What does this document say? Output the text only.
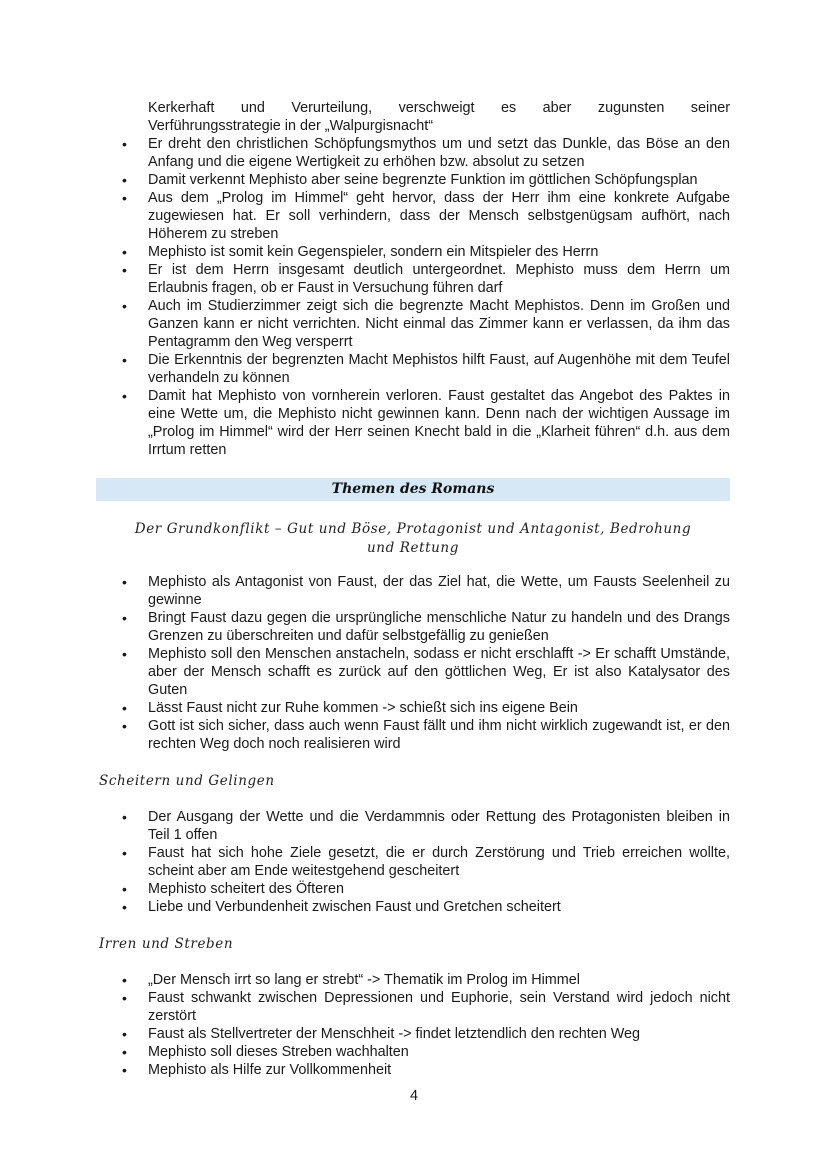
Kerkerhaft und Verurteilung, verschweigt es aber zugunsten seiner
Verführungsstrategie in der „Walpurgisnacht“
• Er dreht den christlichen Schöpfungsmythos um und setzt das Dunkle, das Böse an den Anfang und die eigene Wertigkeit zu erhöhen bzw. absolut zu setzen
• Damit verkennt Mephisto aber seine begrenzte Funktion im göttlichen Schöpfungsplan
• Aus dem „Prolog im Himmel“ geht hervor, dass der Herr ihm eine konkrete Aufgabe zugewiesen hat. Er soll verhindern, dass der Mensch selbstgenügsam aufhört, nach Höherem zu streben
• Mephisto ist somit kein Gegenspieler, sondern ein Mitspieler des Herrn
• Er ist dem Herrn insgesamt deutlich untergeordnet. Mephisto muss dem Herrn um Erlaubnis fragen, ob er Faust in Versuchung führen darf
• Auch im Studierzimmer zeigt sich die begrenzte Macht Mephistos. Denn im Großen und Ganzen kann er nicht verrichten. Nicht einmal das Zimmer kann er verlassen, da ihm das Pentagramm den Weg versperrt
• Die Erkenntnis der begrenzten Macht Mephistos hilft Faust, auf Augenhöhe mit dem Teufel verhandeln zu können
• Damit hat Mephisto von vornherein verloren. Faust gestaltet das Angebot des Paktes in eine Wette um, die Mephisto nicht gewinnen kann. Denn nach der wichtigen Aussage im „Prolog im Himmel“ wird der Herr seinen Knecht bald in die „Klarheit führen“ d.h. aus dem Irrtum retten
Themen des Romans
Der Grundkonflikt – Gut und Böse, Protagonist und Antagonist, Bedrohung
und Rettung
• Mephisto als Antagonist von Faust, der das Ziel hat, die Wette, um Fausts Seelenheil zu gewinne
• Bringt Faust dazu gegen die ursprüngliche menschliche Natur zu handeln und des Drangs Grenzen zu überschreiten und dafür selbstgefällig zu genießen
• Mephisto soll den Menschen anstacheln, sodass er nicht erschlafft -> Er schafft Umstände, aber der Mensch schafft es zurück auf den göttlichen Weg, Er ist also Katalysator des Guten
• Lässt Faust nicht zur Ruhe kommen -> schießt sich ins eigene Bein
• Gott ist sich sicher, dass auch wenn Faust fällt und ihm nicht wirklich zugewandt ist, er den rechten Weg doch noch realisieren wird
Scheitern und Gelingen
• Der Ausgang der Wette und die Verdammnis oder Rettung des Protagonisten bleiben in Teil 1 offen
• Faust hat sich hohe Ziele gesetzt, die er durch Zerstörung und Trieb erreichen wollte, scheint aber am Ende weitestgehend gescheitert
• Mephisto scheitert des Öfteren
• Liebe und Verbundenheit zwischen Faust und Gretchen scheitert
Irren und Streben
• „Der Mensch irrt so lang er strebt“ -> Thematik im Prolog im Himmel
• Faust schwankt zwischen Depressionen und Euphorie, sein Verstand wird jedoch nicht zerstört
• Faust als Stellvertreter der Menschheit -> findet letztendlich den rechten Weg
• Mephisto soll dieses Streben wachhalten
• Mephisto als Hilfe zur Vollkommenheit
4
